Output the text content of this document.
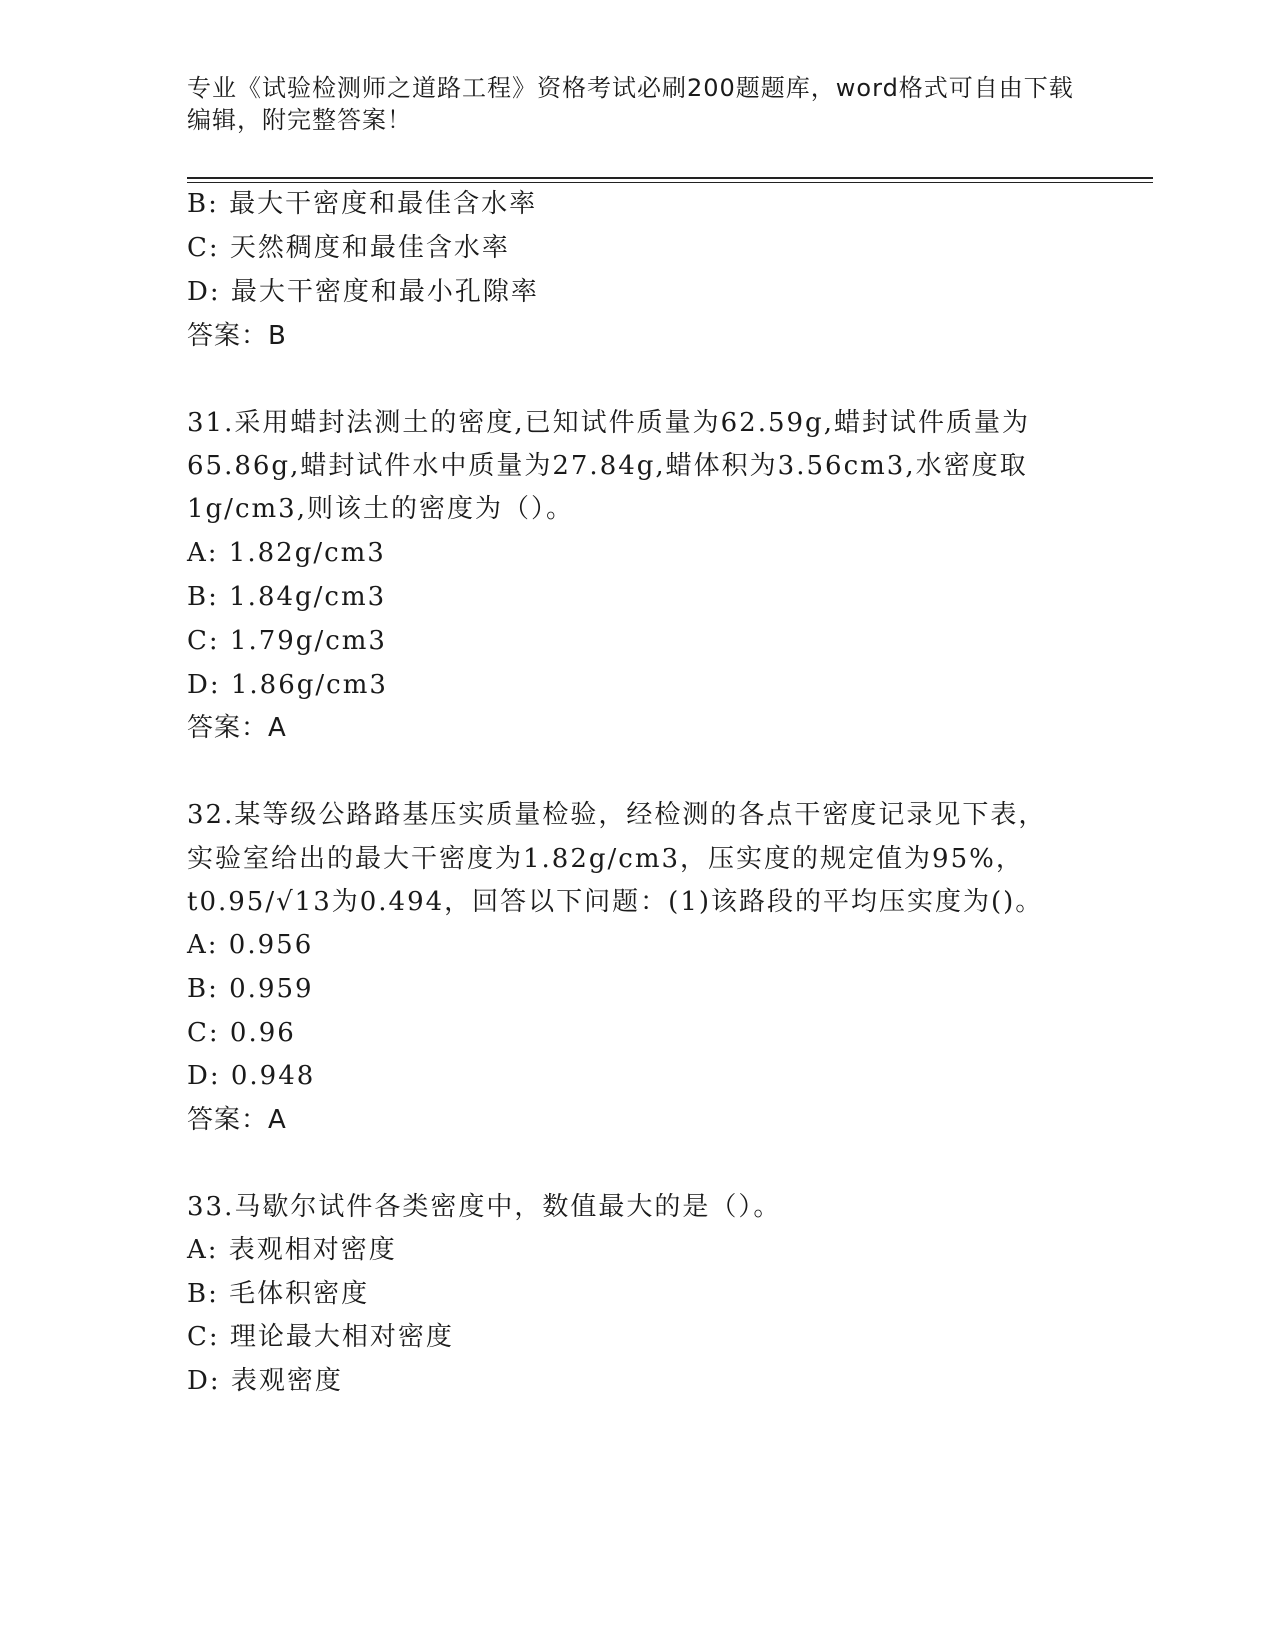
专业《试验检测师之道路工程》资格考试必刷200题题库，word格式可自由下载
编辑，附完整答案！
B: 最大干密度和最佳含水率
C: 天然稠度和最佳含水率
D: 最大干密度和最小孔隙率
答案：B
31.采用蜡封法测土的密度,已知试件质量为62.59g,蜡封试件质量为
65.86g,蜡封试件水中质量为27.84g,蜡体积为3.56cm3,水密度取
1g/cm3,则该土的密度为（）。
A: 1.82g/cm3
B: 1.84g/cm3
C: 1.79g/cm3
D: 1.86g/cm3
答案：A
32.某等级公路路基压实质量检验，经检测的各点干密度记录见下表，
实验室给出的最大干密度为1.82g/cm3，压实度的规定值为95%，
t0.95/√13为0.494，回答以下问题：(1)该路段的平均压实度为()。
A: 0.956
B: 0.959
C: 0.96
D: 0.948
答案：A
33.马歇尔试件各类密度中，数值最大的是（）。
A: 表观相对密度
B: 毛体积密度
C: 理论最大相对密度
D: 表观密度
